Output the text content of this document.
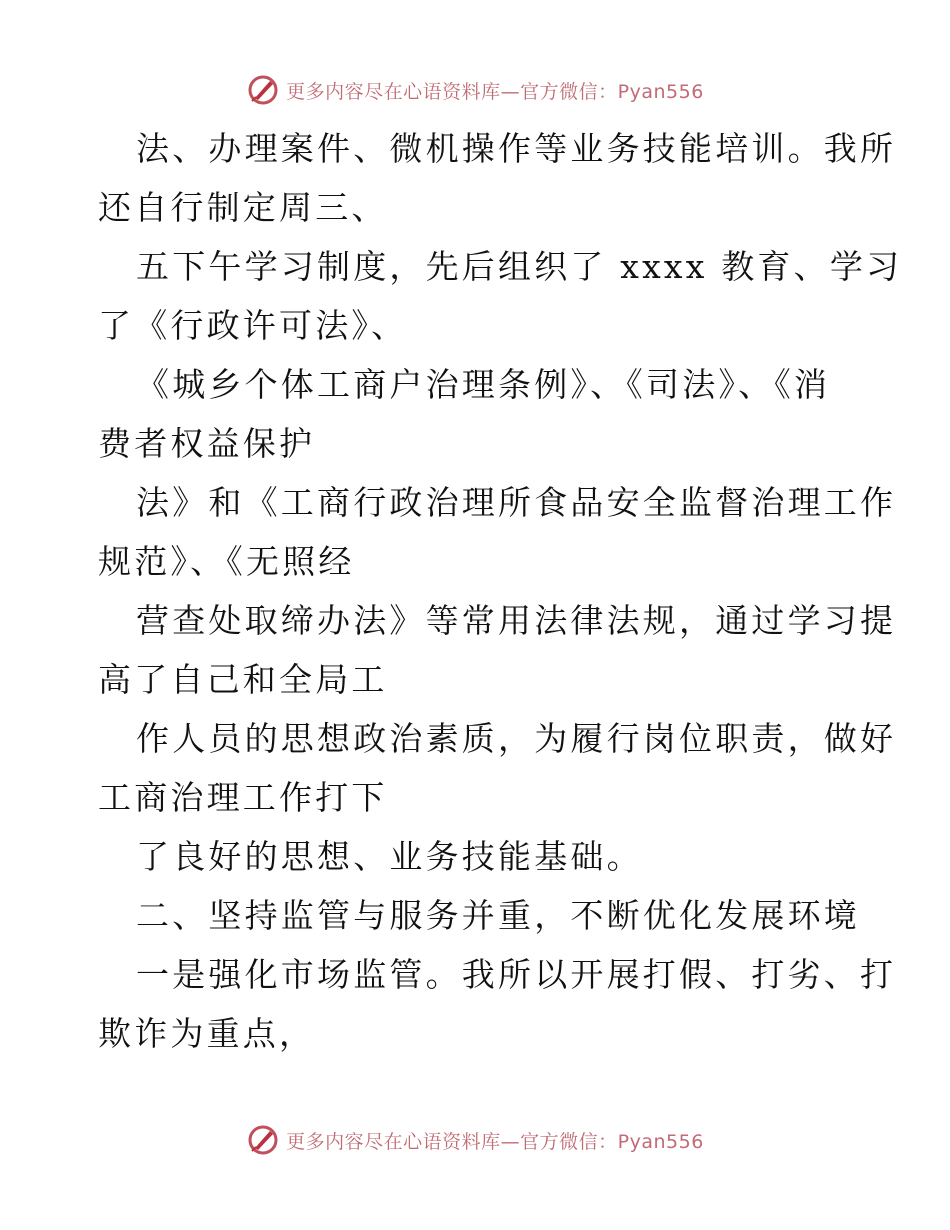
更多内容尽在心语资料库—官方微信：Pyan556
法、办理案件、微机操作等业务技能培训。我所
还自行制定周三、
五下午学习制度，先后组织了 xxxx 教育、学习
了《行政许可法》、
《城乡个体工商户治理条例》、《司法》、《消
费者权益保护
法》和《工商行政治理所食品安全监督治理工作
规范》、《无照经
营查处取缔办法》等常用法律法规，通过学习提
高了自己和全局工
作人员的思想政治素质，为履行岗位职责，做好
工商治理工作打下
了良好的思想、业务技能基础。
二、坚持监管与服务并重，不断优化发展环境
一是强化市场监管。我所以开展打假、打劣、打
欺诈为重点，
更多内容尽在心语资料库—官方微信：Pyan556
